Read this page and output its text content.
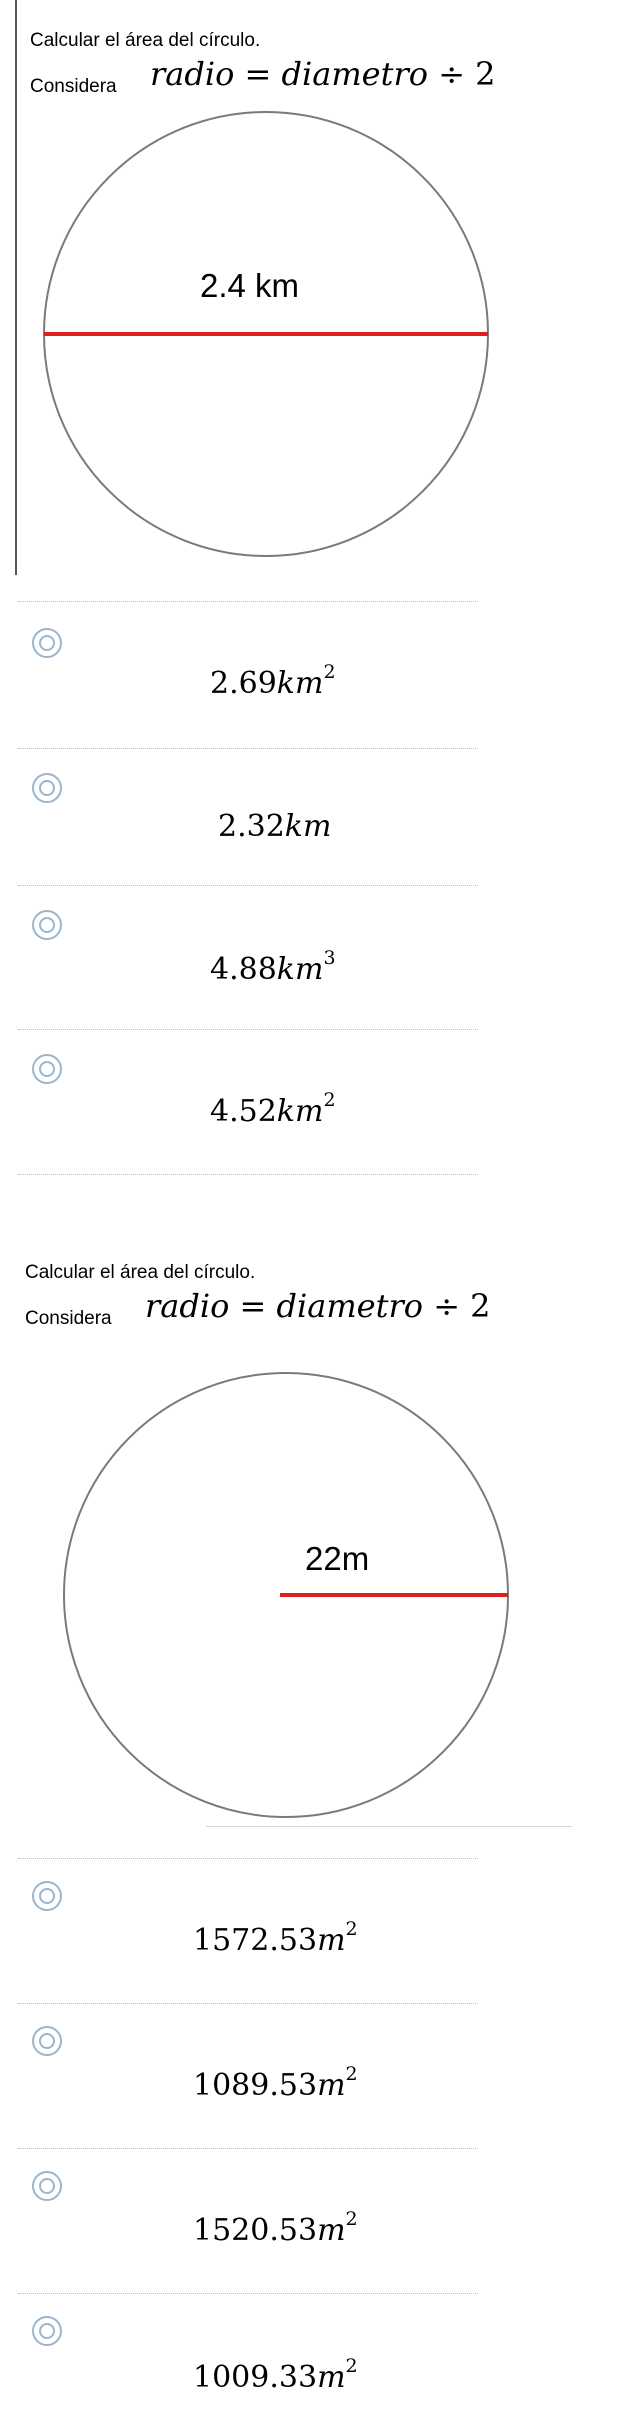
Calcular el área del círculo.
Considera radio = diametro ÷ 2
2.4 km
$2.69km^2$
2.32km
$4.88km^3$
$4.52km^2$
Calcular el área del círculo.
Considera radio = diametro ÷ 2
22m
$1572.53m^2$
$1089.53m^2$
$1520.53m^2$
$1009.33m^2$
